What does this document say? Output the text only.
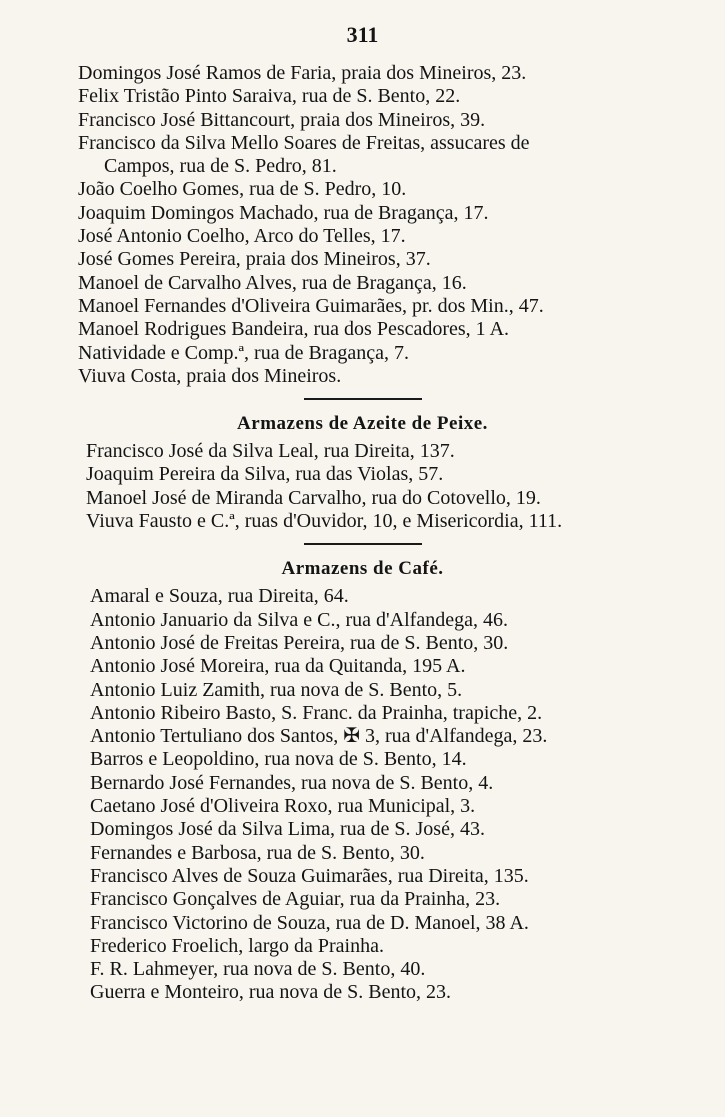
311
Domingos José Ramos de Faria, praia dos Mineiros, 23.
Felix Tristão Pinto Saraiva, rua de S. Bento, 22.
Francisco José Bittancourt, praia dos Mineiros, 39.
Francisco da Silva Mello Soares de Freitas, assucares de
Campos, rua de S. Pedro, 81.
João Coelho Gomes, rua de S. Pedro, 10.
Joaquim Domingos Machado, rua de Bragança, 17.
José Antonio Coelho, Arco do Telles, 17.
José Gomes Pereira, praia dos Mineiros, 37.
Manoel de Carvalho Alves, rua de Bragança, 16.
Manoel Fernandes d'Oliveira Guimarães, pr. dos Min., 47.
Manoel Rodrigues Bandeira, rua dos Pescadores, 1 A.
Natividade e Comp.ª, rua de Bragança, 7.
Viuva Costa, praia dos Mineiros.
Armazens de Azeite de Peixe.
Francisco José da Silva Leal, rua Direita, 137.
Joaquim Pereira da Silva, rua das Violas, 57.
Manoel José de Miranda Carvalho, rua do Cotovello, 19.
Viuva Fausto e C.ª, ruas d'Ouvidor, 10, e Misericordia, 111.
Armazens de Café.
Amaral e Souza, rua Direita, 64.
Antonio Januario da Silva e C., rua d'Alfandega, 46.
Antonio José de Freitas Pereira, rua de S. Bento, 30.
Antonio José Moreira, rua da Quitanda, 195 A.
Antonio Luiz Zamith, rua nova de S. Bento, 5.
Antonio Ribeiro Basto, S. Franc. da Prainha, trapiche, 2.
Antonio Tertuliano dos Santos, ✠ 3, rua d'Alfandega, 23.
Barros e Leopoldino, rua nova de S. Bento, 14.
Bernardo José Fernandes, rua nova de S. Bento, 4.
Caetano José d'Oliveira Roxo, rua Municipal, 3.
Domingos José da Silva Lima, rua de S. José, 43.
Fernandes e Barbosa, rua de S. Bento, 30.
Francisco Alves de Souza Guimarães, rua Direita, 135.
Francisco Gonçalves de Aguiar, rua da Prainha, 23.
Francisco Victorino de Souza, rua de D. Manoel, 38 A.
Frederico Froelich, largo da Prainha.
F. R. Lahmeyer, rua nova de S. Bento, 40.
Guerra e Monteiro, rua nova de S. Bento, 23.
